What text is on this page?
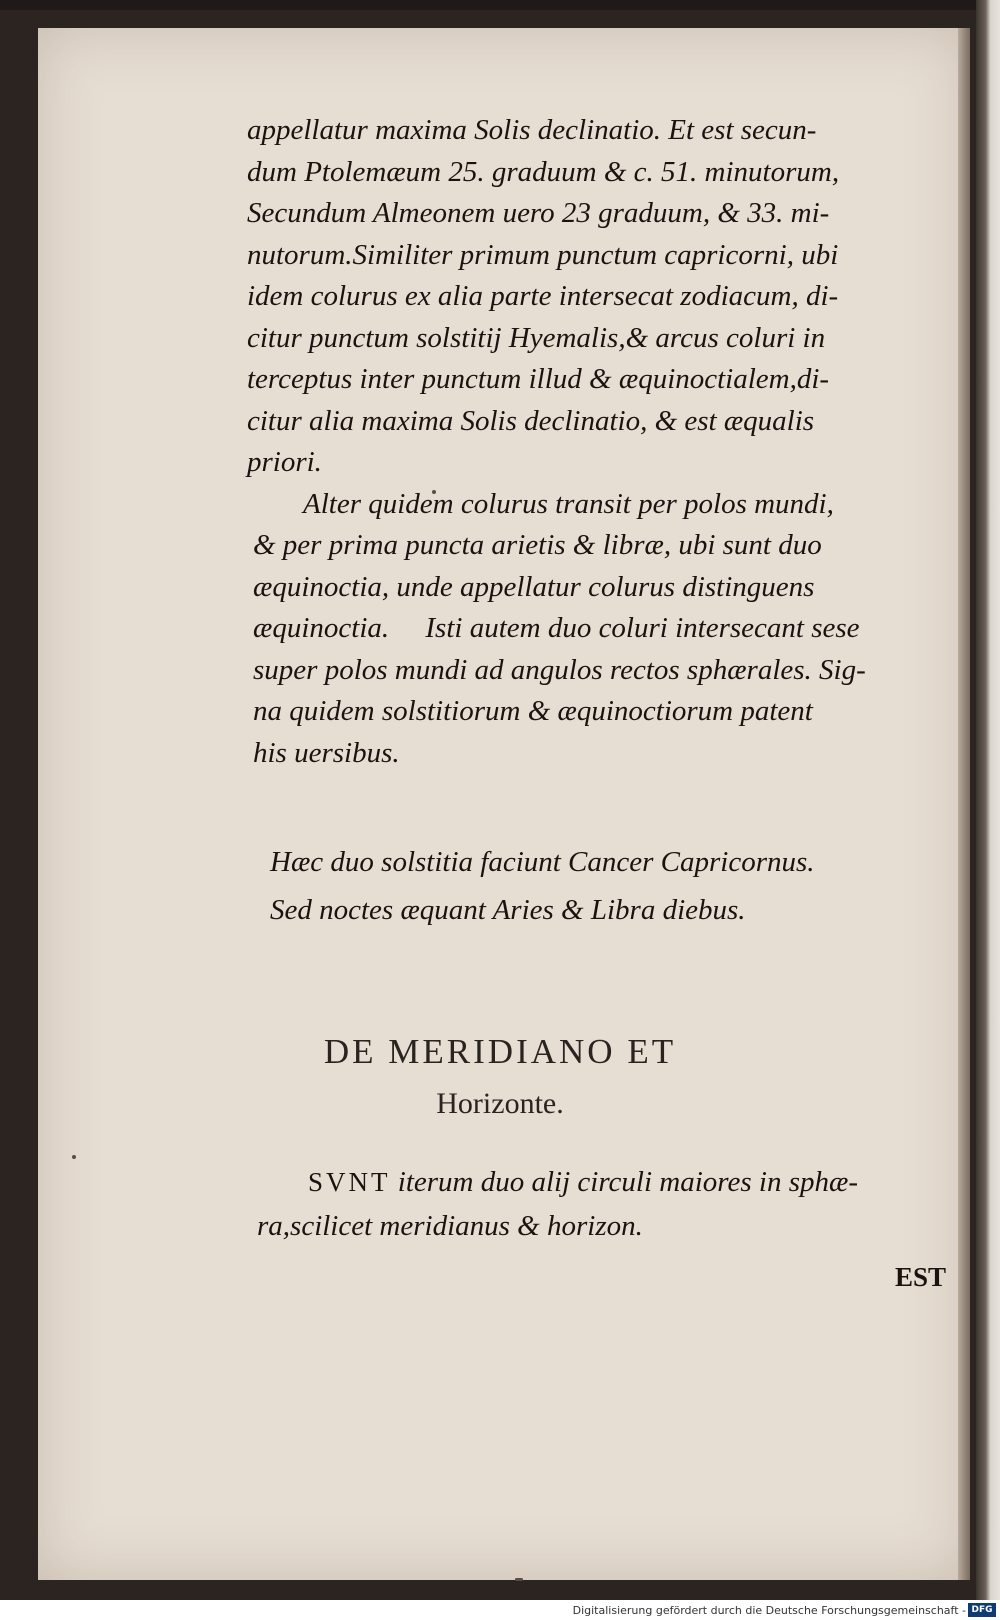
appellatur maxima Solis declinatio. Et est secun-
dum Ptolemæum 25. graduum & c. 51. minutorum,
Secundum Almeonem uero 23 graduum, & 33. mi-
nutorum.Similiter primum punctum capricorni, ubi
idem colurus ex alia parte intersecat zodiacum, di-
citur punctum solstitij Hyemalis,& arcus coluri in
terceptus inter punctum illud & æquinoctialem,di-
citur alia maxima Solis declinatio, & est æqualis
priori.
Alter quidem colurus transit per polos mundi,
& per prima puncta arietis & libræ, ubi sunt duo
æquinoctia, unde appellatur colurus distinguens
æquinoctia.     Isti autem duo coluri intersecant sese
super polos mundi ad angulos rectos sphærales. Sig-
na quidem solstitiorum & æquinoctiorum patent
his uersibus.
Hæc duo solstitia faciunt Cancer Capricornus.
Sed noctes æquant Aries & Libra diebus.
DE MERIDIANO ET
Horizonte.
SVNT iterum duo alij circuli maiores in sphæ-
ra,scilicet meridianus & horizon.
EST
Digitalisierung gefördert durch die Deutsche Forschungsgemeinschaft - DFG
